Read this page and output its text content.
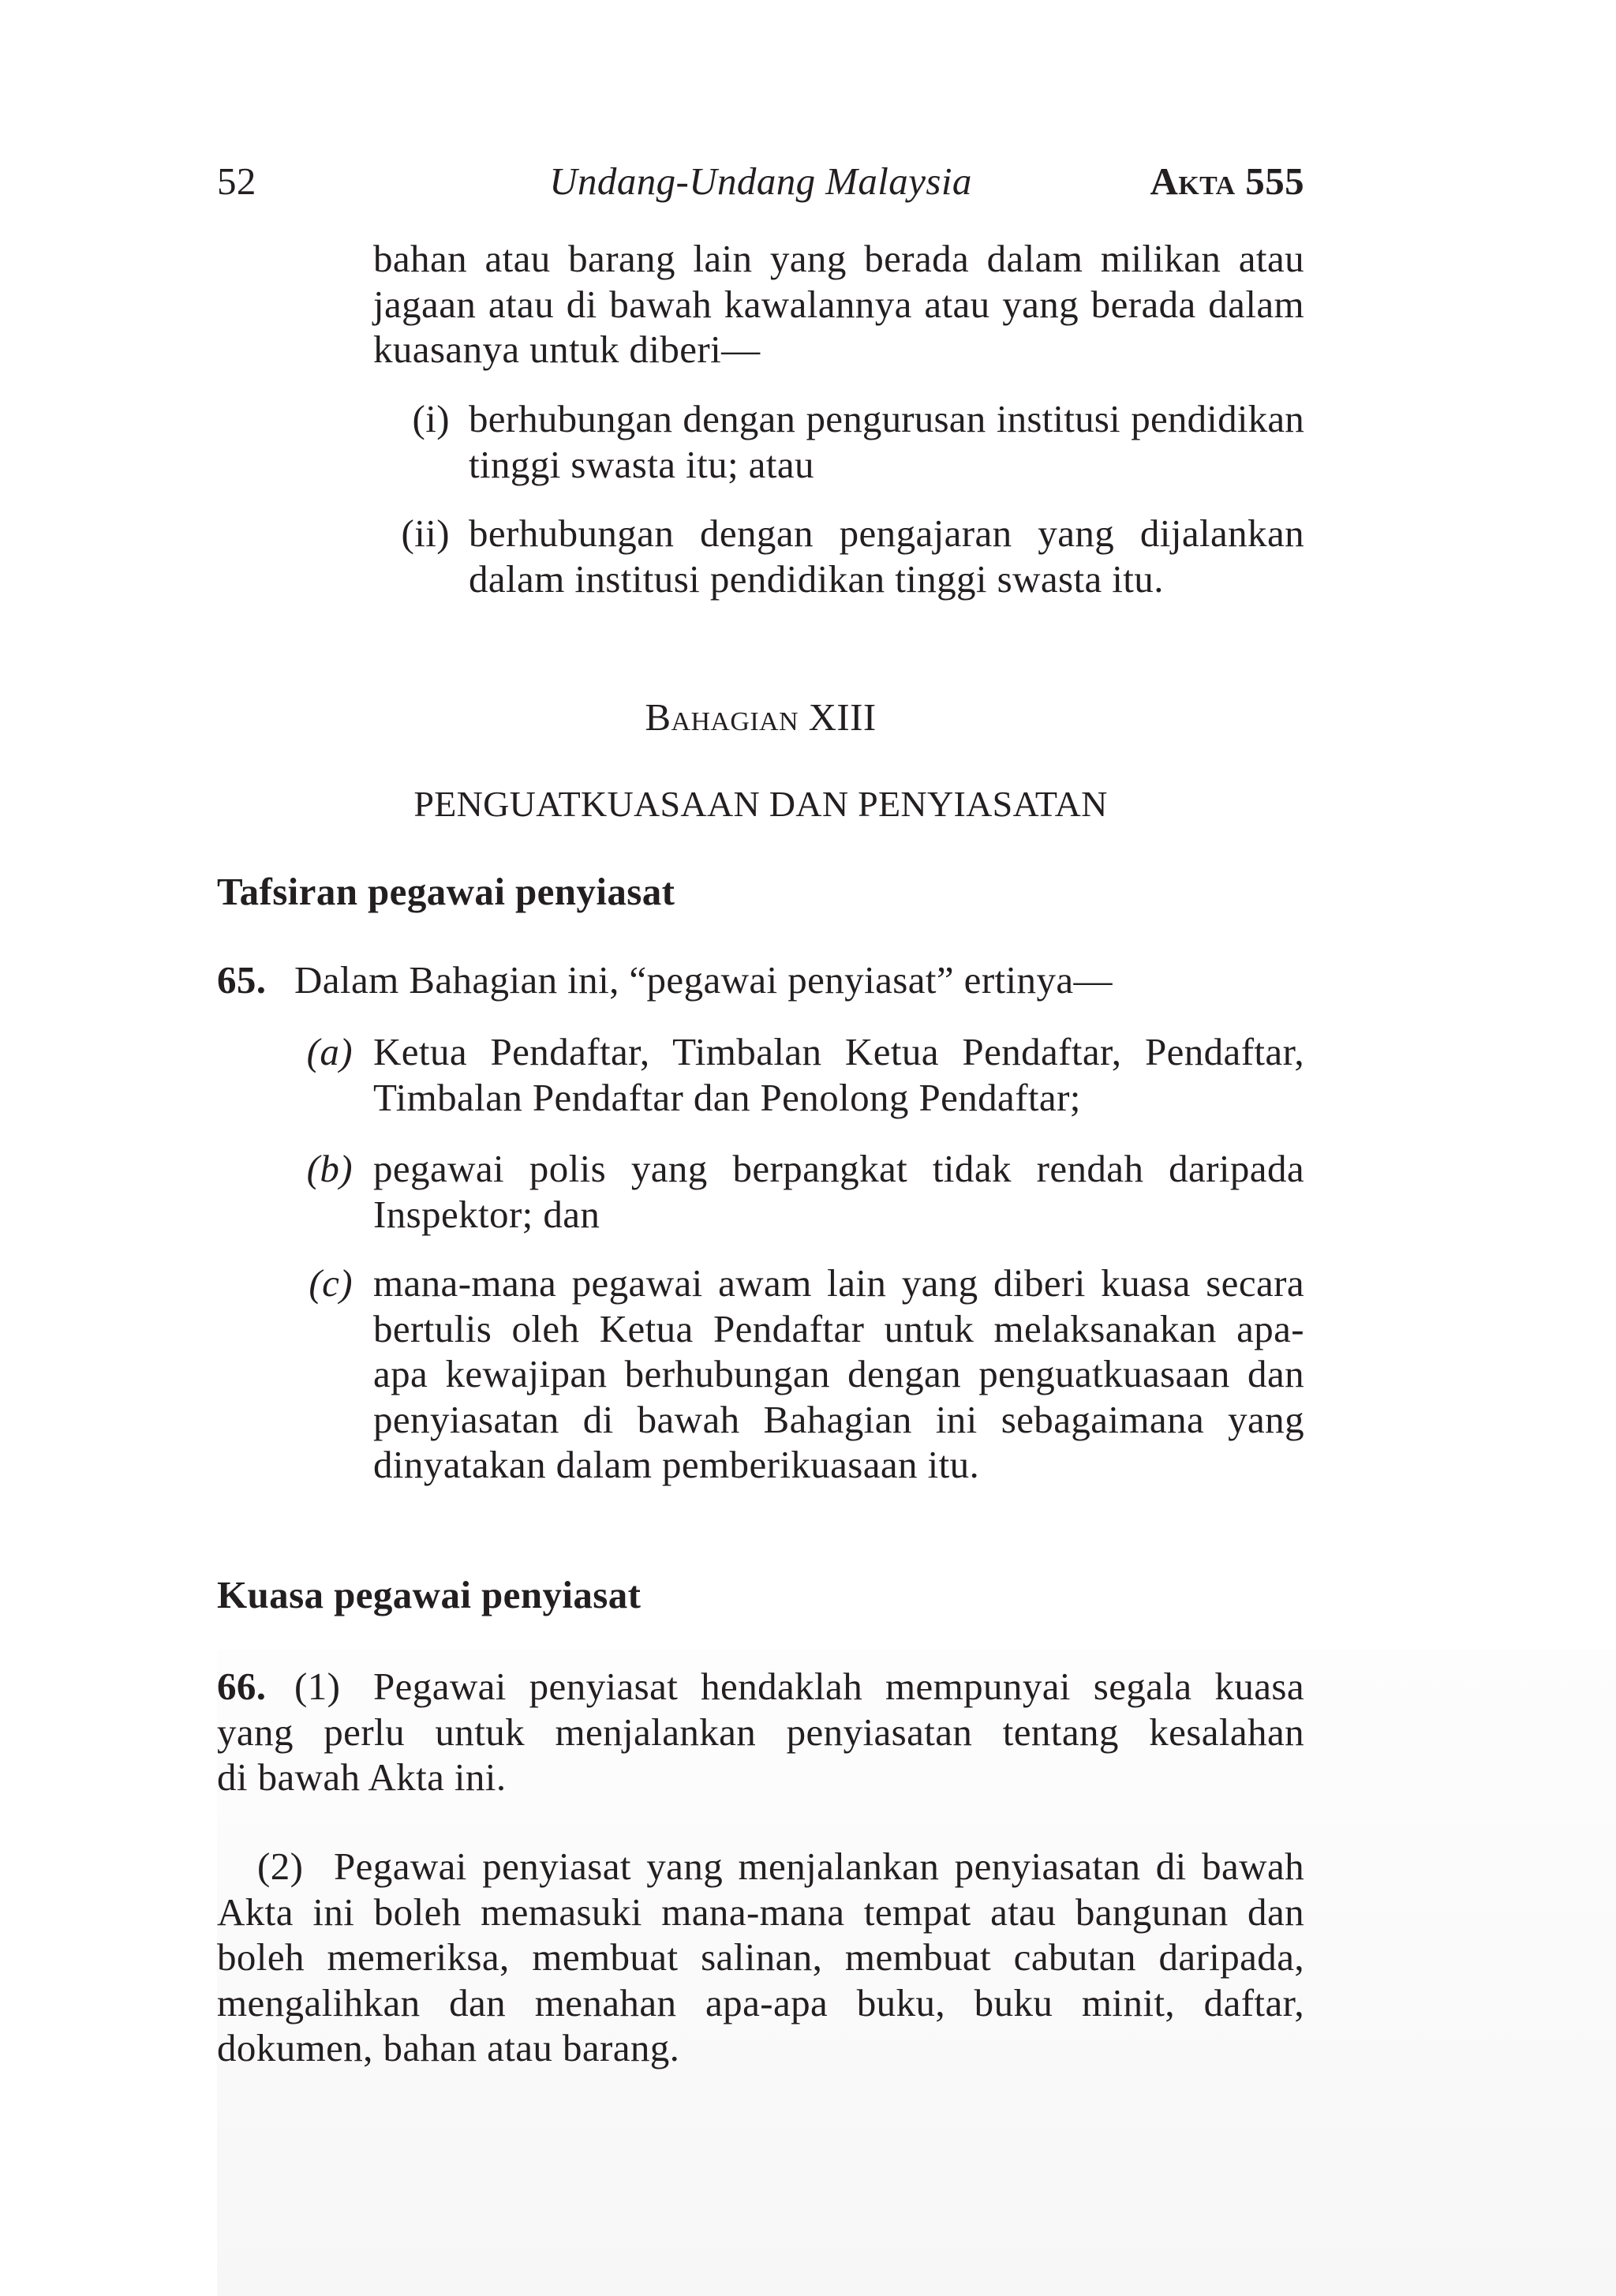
52	Undang-Undang Malaysia	Akta 555
bahan atau barang lain yang berada dalam milikan atau
jagaan atau di bawah kawalannya atau yang berada dalam
kuasanya untuk diberi—
(i) berhubungan dengan pengurusan institusi pendidikan
tinggi swasta itu; atau
(ii) berhubungan dengan pengajaran yang dijalankan
dalam institusi pendidikan tinggi swasta itu.
Bahagian XIII
PENGUATKUASAAN DAN PENYIASATAN
Tafsiran pegawai penyiasat
65. Dalam Bahagian ini, “pegawai penyiasat” ertinya—
(a) Ketua Pendaftar, Timbalan Ketua Pendaftar, Pendaftar,
Timbalan Pendaftar dan Penolong Pendaftar;
(b) pegawai polis yang berpangkat tidak rendah daripada
Inspektor; dan
(c) mana-mana pegawai awam lain yang diberi kuasa secara
bertulis oleh Ketua Pendaftar untuk melaksanakan apa-
apa kewajipan berhubungan dengan penguatkuasaan dan
penyiasatan di bawah Bahagian ini sebagaimana yang
dinyatakan dalam pemberikuasaan itu.
Kuasa pegawai penyiasat
66. (1) Pegawai penyiasat hendaklah mempunyai segala kuasa
yang perlu untuk menjalankan penyiasatan tentang kesalahan
di bawah Akta ini.
(2) Pegawai penyiasat yang menjalankan penyiasatan di bawah
Akta ini boleh memasuki mana-mana tempat atau bangunan dan
boleh memeriksa, membuat salinan, membuat cabutan daripada,
mengalihkan dan menahan apa-apa buku, buku minit, daftar,
dokumen, bahan atau barang.
